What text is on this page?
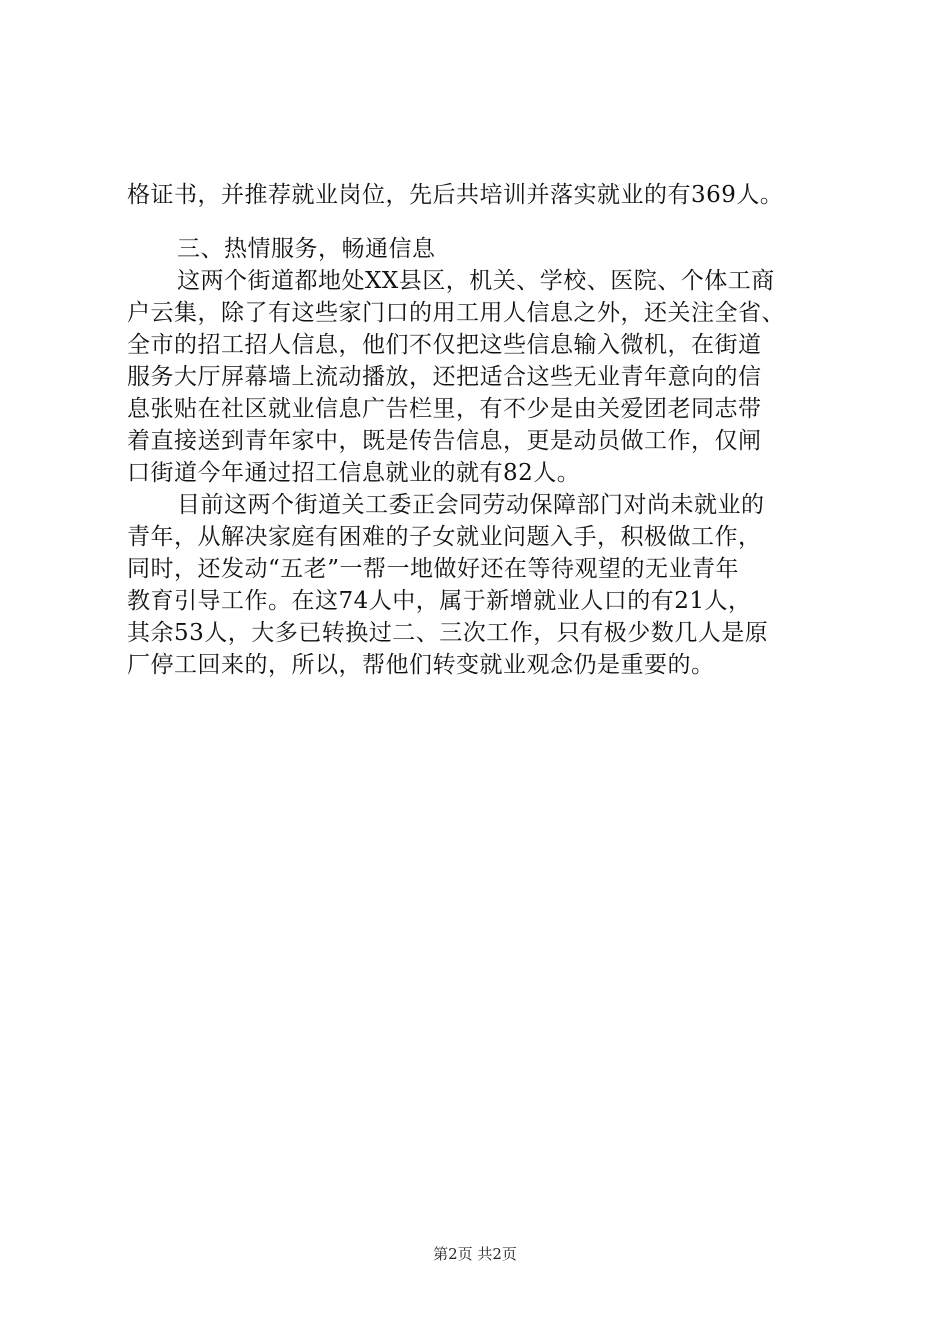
格证书，并推荐就业岗位，先后共培训并落实就业的有369人。
三、热情服务，畅通信息
这两个街道都地处XX县区，机关、学校、医院、个体工商
户云集，除了有这些家门口的用工用人信息之外，还关注全省、
全市的招工招人信息，他们不仅把这些信息输入微机，在街道
服务大厅屏幕墙上流动播放，还把适合这些无业青年意向的信
息张贴在社区就业信息广告栏里，有不少是由关爱团老同志带
着直接送到青年家中，既是传告信息，更是动员做工作，仅闸
口街道今年通过招工信息就业的就有82人。
目前这两个街道关工委正会同劳动保障部门对尚未就业的
青年，从解决家庭有困难的子女就业问题入手，积极做工作，
同时，还发动“五老”一帮一地做好还在等待观望的无业青年
教育引导工作。在这74人中，属于新增就业人口的有21人，
其余53人，大多已转换过二、三次工作，只有极少数几人是原
厂停工回来的，所以，帮他们转变就业观念仍是重要的。
第2页 共2页
